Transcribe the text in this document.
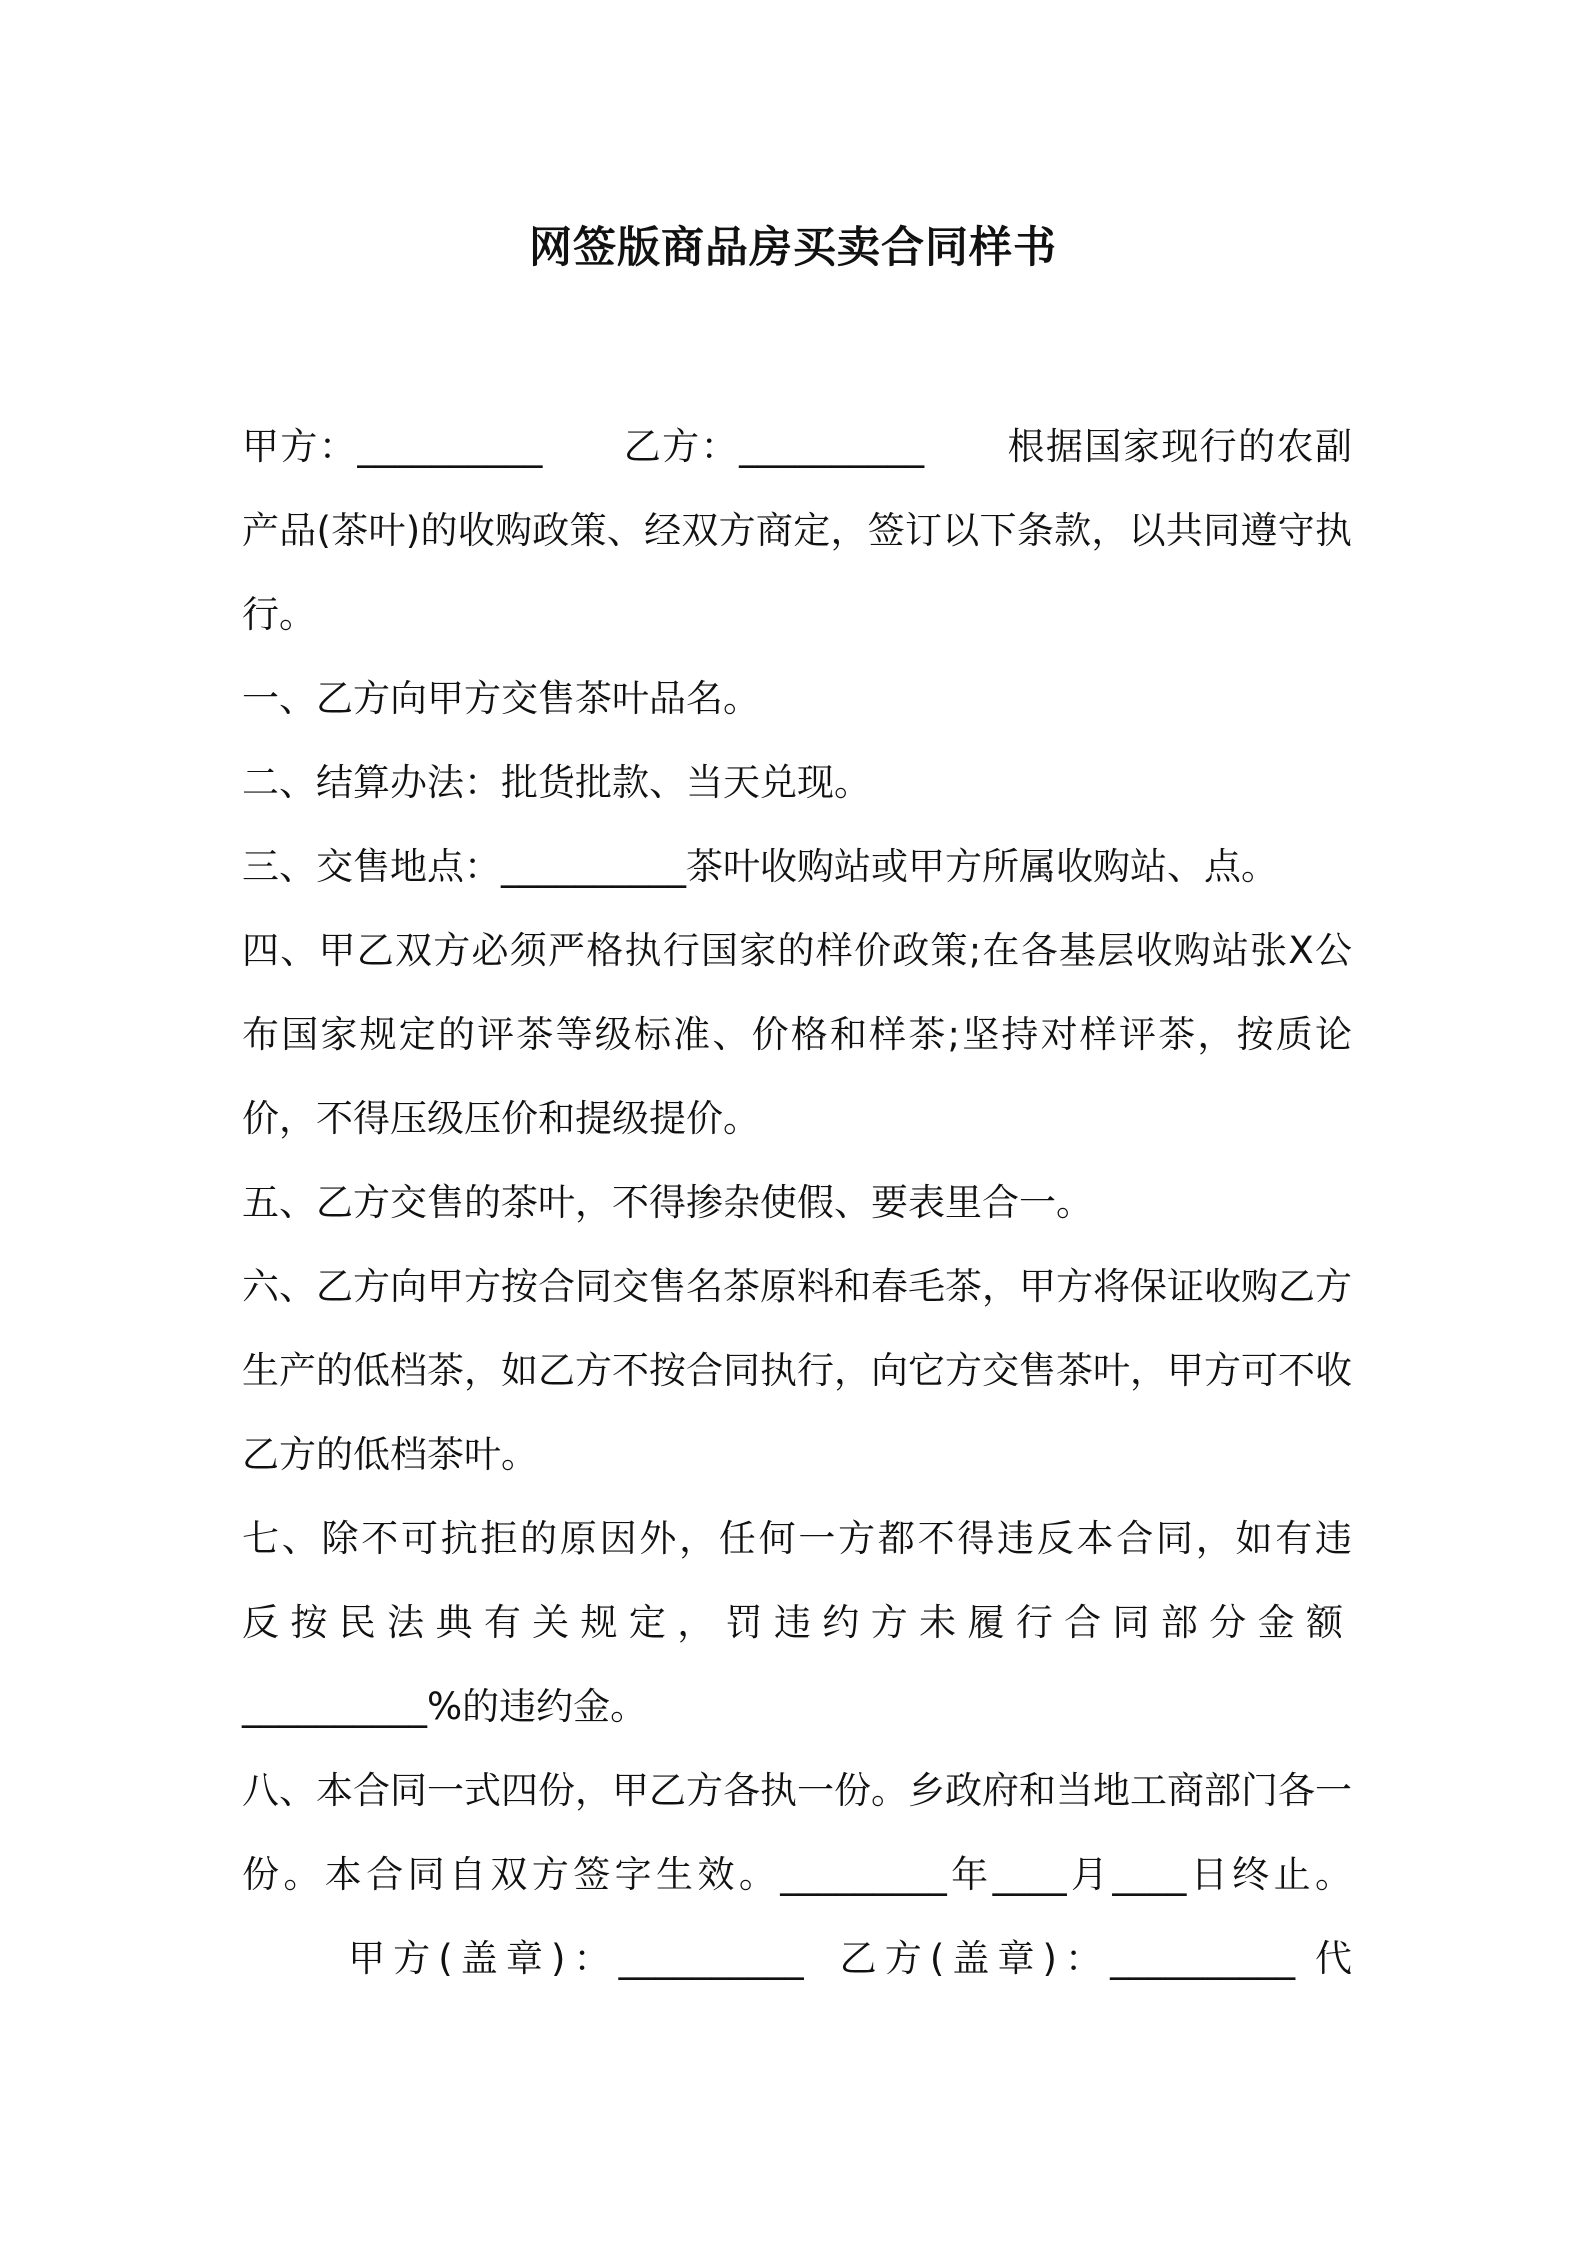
网签版商品房买卖合同样书

甲方：__________ 乙方：__________ 根据国家现行的农副产品(茶叶)的收购政策、经双方商定，签订以下条款，以共同遵守执行。

一、乙方向甲方交售茶叶品名。

二、结算办法：批货批款、当天兑现。

三、交售地点：__________茶叶收购站或甲方所属收购站、点。

四、甲乙双方必须严格执行国家的样价政策;在各基层收购站张X公布国家规定的评茶等级标准、价格和样茶;坚持对样评茶，按质论价，不得压级压价和提级提价。

五、乙方交售的茶叶，不得掺杂使假、要表里合一。

六、乙方向甲方按合同交售名茶原料和春毛茶，甲方将保证收购乙方生产的低档茶，如乙方不按合同执行，向它方交售茶叶，甲方可不收乙方的低档茶叶。

七、除不可抗拒的原因外，任何一方都不得违反本合同，如有违

反按民法典有关规定，罚违约方未履行合同部分金额

__________%的违约金。

八、本合同一式四份，甲乙方各执一份。乡政府和当地工商部门各一份。本合同自双方签字生效。_________年____月____日终止。甲方(盖章)：__________ 乙方(盖章)：__________ 代
